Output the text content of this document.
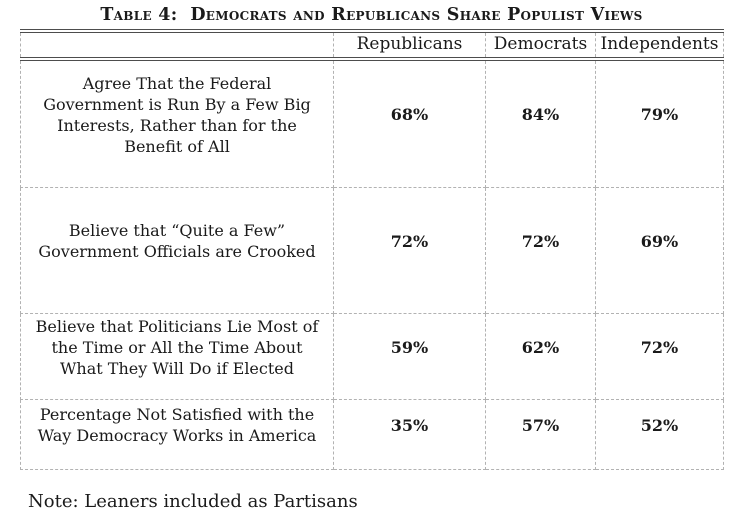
Table 4:  Democrats and Republicans Share Populist Views
	Republicans	Democrats	Independents
Agree That the Federal Government is Run By a Few Big Interests, Rather than for the Benefit of All	68%	84%	79%
Believe that “Quite a Few” Government Officials are Crooked	72%	72%	69%
Believe that Politicians Lie Most of the Time or All the Time About What They Will Do if Elected	59%	62%	72%
Percentage Not Satisfied with the Way Democracy Works in America	35%	57%	52%

Note: Leaners included as Partisans
